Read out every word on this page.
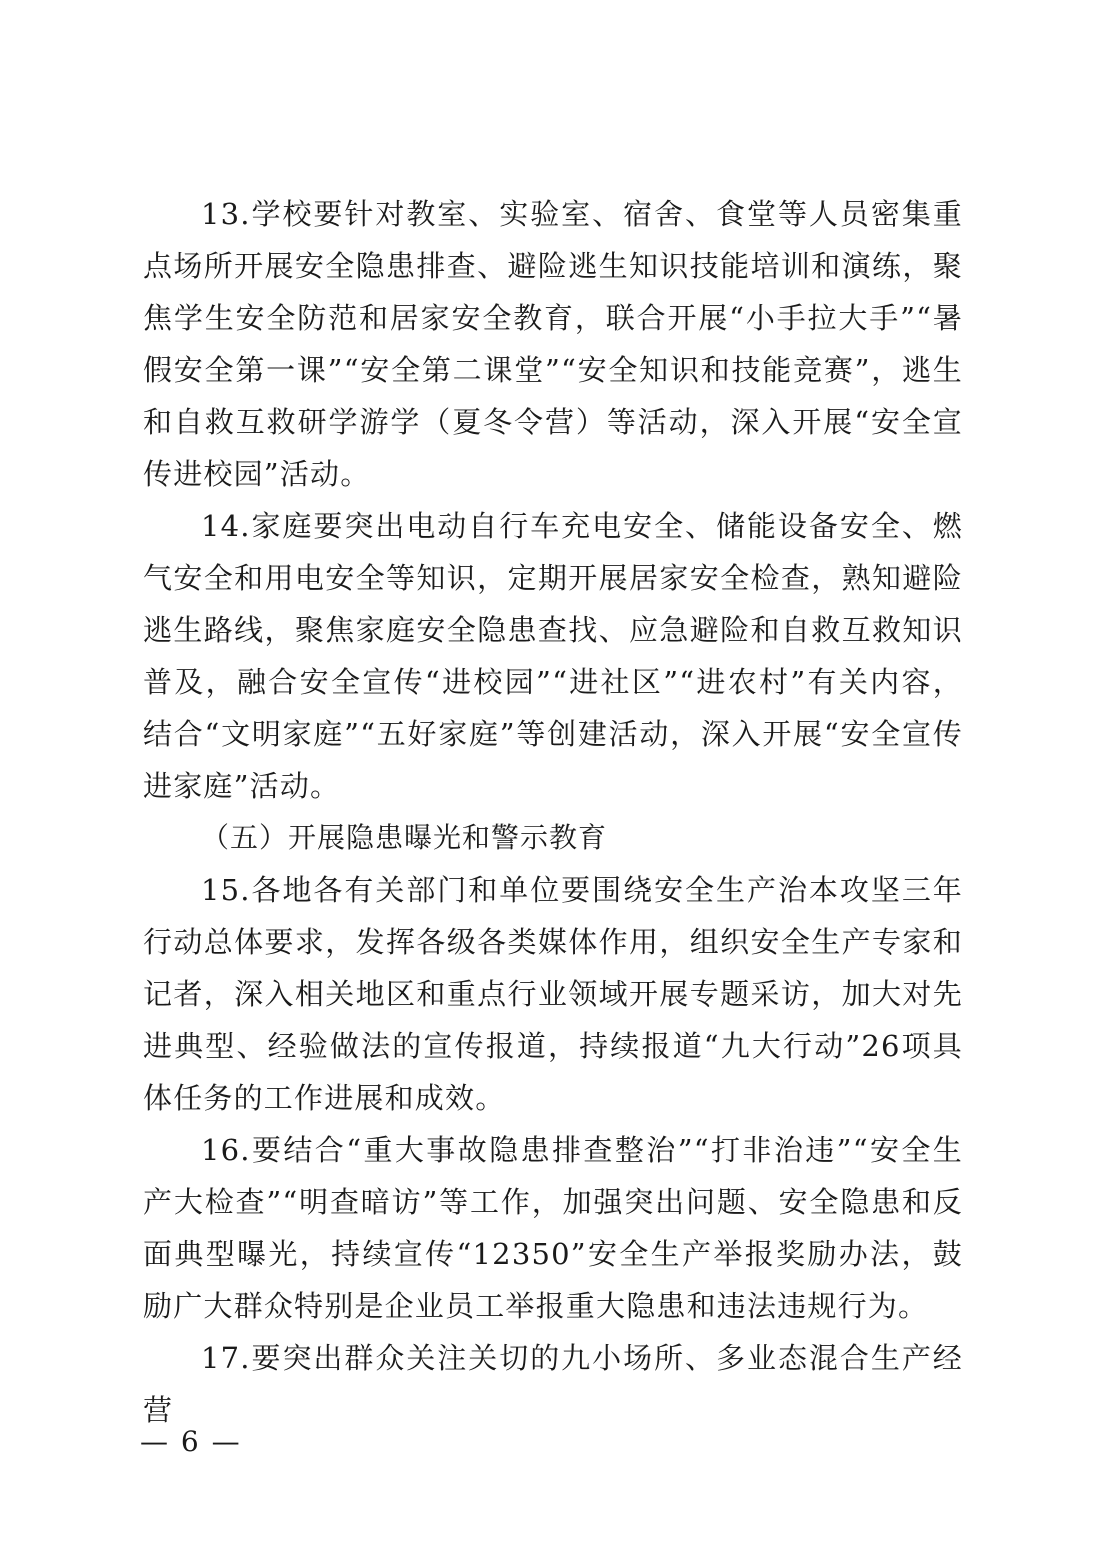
13.学校要针对教室、实验室、宿舍、食堂等人员密集重点场所开展安全隐患排查、避险逃生知识技能培训和演练，聚焦学生安全防范和居家安全教育，联合开展“小手拉大手”“暑假安全第一课”“安全第二课堂”“安全知识和技能竞赛”，逃生和自救互救研学游学（夏冬令营）等活动，深入开展“安全宣传进校园”活动。

14.家庭要突出电动自行车充电安全、储能设备安全、燃气安全和用电安全等知识，定期开展居家安全检查，熟知避险逃生路线，聚焦家庭安全隐患查找、应急避险和自救互救知识普及，融合安全宣传“进校园”“进社区”“进农村”有关内容，结合“文明家庭”“五好家庭”等创建活动，深入开展“安全宣传进家庭”活动。

（五）开展隐患曝光和警示教育

15.各地各有关部门和单位要围绕安全生产治本攻坚三年行动总体要求，发挥各级各类媒体作用，组织安全生产专家和记者，深入相关地区和重点行业领域开展专题采访，加大对先进典型、经验做法的宣传报道，持续报道“九大行动”26项具体任务的工作进展和成效。

16.要结合“重大事故隐患排查整治”“打非治违”“安全生产大检查”“明查暗访”等工作，加强突出问题、安全隐患和反面典型曝光，持续宣传“12350”安全生产举报奖励办法，鼓励广大群众特别是企业员工举报重大隐患和违法违规行为。

17.要突出群众关注关切的九小场所、多业态混合生产经营

— 6 —
